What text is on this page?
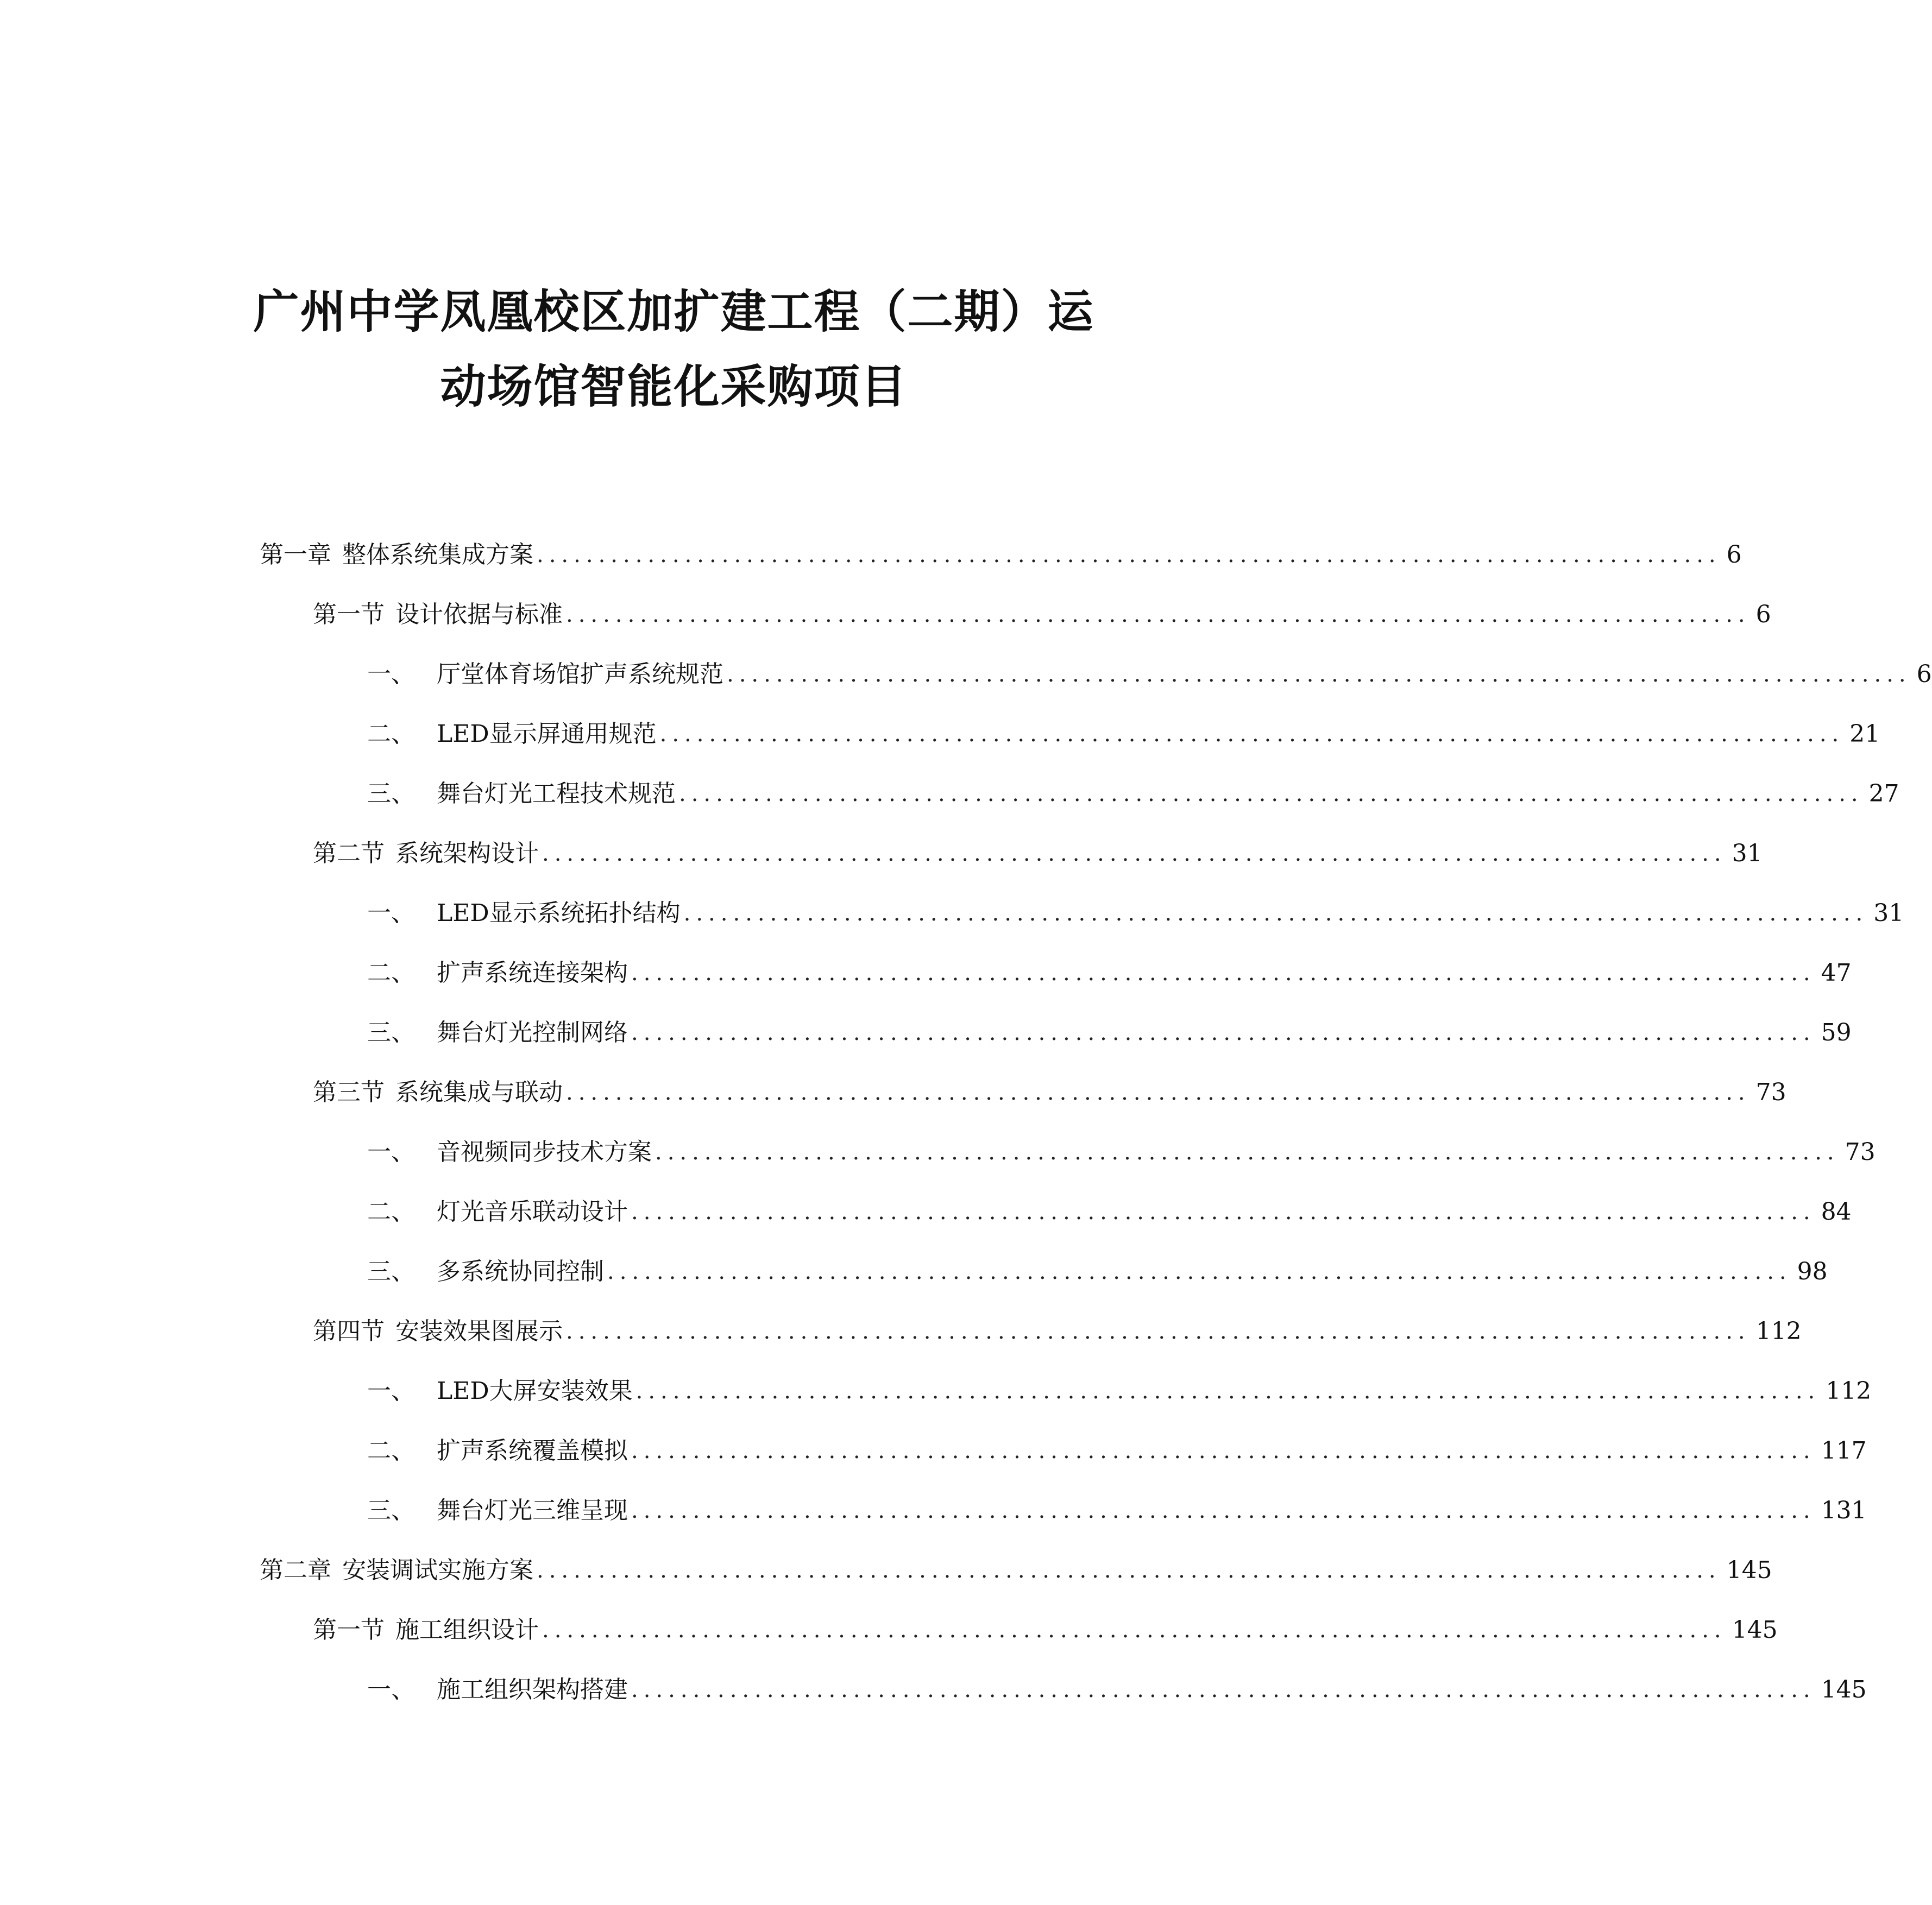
广州中学凤凰校区加扩建工程（二期）运
动场馆智能化采购项目
第一章 整体系统集成方案 ................................................................................................ 6
第一节 设计依据与标准 ................................................................................................ 6
一、 厅堂体育场馆扩声系统规范 ................................................................................................ 6
二、 LED显示屏通用规范 ................................................................................................ 21
三、 舞台灯光工程技术规范 ................................................................................................ 27
第二节 系统架构设计 ................................................................................................ 31
一、 LED显示系统拓扑结构 ................................................................................................ 31
二、 扩声系统连接架构 ................................................................................................ 47
三、 舞台灯光控制网络 ................................................................................................ 59
第三节 系统集成与联动 ................................................................................................ 73
一、 音视频同步技术方案 ................................................................................................ 73
二、 灯光音乐联动设计 ................................................................................................ 84
三、 多系统协同控制 ................................................................................................ 98
第四节 安装效果图展示 ................................................................................................ 112
一、 LED大屏安装效果 ................................................................................................ 112
二、 扩声系统覆盖模拟 ................................................................................................ 117
三、 舞台灯光三维呈现 ................................................................................................ 131
第二章 安装调试实施方案 ................................................................................................ 145
第一节 施工组织设计 ................................................................................................ 145
一、 施工组织架构搭建 ................................................................................................ 145
